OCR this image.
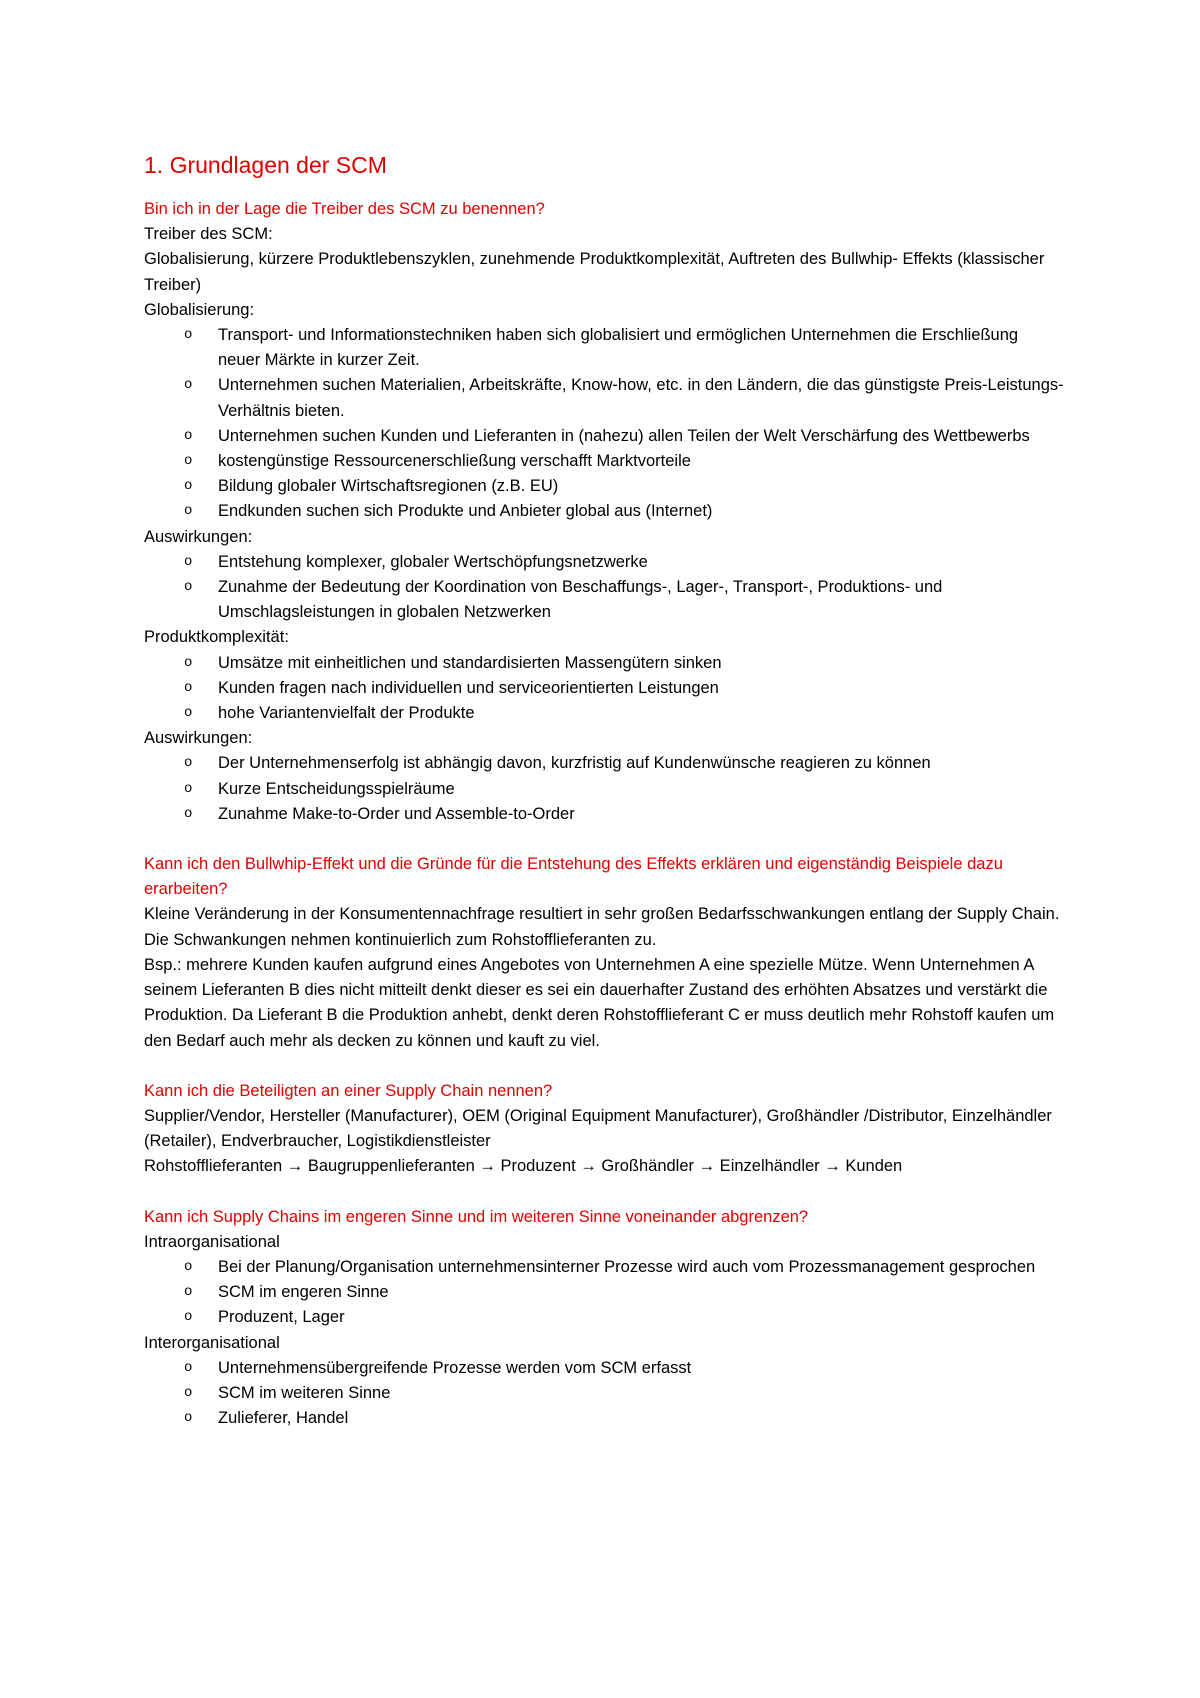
1. Grundlagen der SCM

Bin ich in der Lage die Treiber des SCM zu benennen?

Treiber des SCM:

Globalisierung, kürzere Produktlebenszyklen, zunehmende Produktkomplexität, Auftreten des Bullwhip- Effekts (klassischer Treiber)

Globalisierung:

o Transport- und Informationstechniken haben sich globalisiert und ermöglichen Unternehmen die Erschließung neuer Märkte in kurzer Zeit.
o Unternehmen suchen Materialien, Arbeitskräfte, Know-how, etc. in den Ländern, die das günstigste Preis-Leistungs-Verhältnis bieten.
o Unternehmen suchen Kunden und Lieferanten in (nahezu) allen Teilen der Welt Verschärfung des Wettbewerbs
o kostengünstige Ressourcenerschließung verschafft Marktvorteile
o Bildung globaler Wirtschaftsregionen (z.B. EU)
o Endkunden suchen sich Produkte und Anbieter global aus (Internet)

Auswirkungen:

o Entstehung komplexer, globaler Wertschöpfungsnetzwerke
o Zunahme der Bedeutung der Koordination von Beschaffungs-, Lager-, Transport-, Produktions- und Umschlagsleistungen in globalen Netzwerken

Produktkomplexität:

o Umsätze mit einheitlichen und standardisierten Massengütern sinken
o Kunden fragen nach individuellen und serviceorientierten Leistungen
o hohe Variantenvielfalt der Produkte

Auswirkungen:

o Der Unternehmenserfolg ist abhängig davon, kurzfristig auf Kundenwünsche reagieren zu können
o Kurze Entscheidungsspielräume
o Zunahme Make-to-Order und Assemble-to-Order

Kann ich den Bullwhip-Effekt und die Gründe für die Entstehung des Effekts erklären und eigenständig Beispiele dazu erarbeiten?

Kleine Veränderung in der Konsumentennachfrage resultiert in sehr großen Bedarfsschwankungen entlang der Supply Chain. Die Schwankungen nehmen kontinuierlich zum Rohstofflieferanten zu.

Bsp.: mehrere Kunden kaufen aufgrund eines Angebotes von Unternehmen A eine spezielle Mütze. Wenn Unternehmen A seinem Lieferanten B dies nicht mitteilt denkt dieser es sei ein dauerhafter Zustand des erhöhten Absatzes und verstärkt die Produktion. Da Lieferant B die Produktion anhebt, denkt deren Rohstofflieferant C er muss deutlich mehr Rohstoff kaufen um den Bedarf auch mehr als decken zu können und kauft zu viel.

Kann ich die Beteiligten an einer Supply Chain nennen?

Supplier/Vendor, Hersteller (Manufacturer), OEM (Original Equipment Manufacturer), Großhändler /Distributor, Einzelhändler (Retailer), Endverbraucher, Logistikdienstleister

Rohstofflieferanten → Baugruppenlieferanten → Produzent → Großhändler → Einzelhändler → Kunden

Kann ich Supply Chains im engeren Sinne und im weiteren Sinne voneinander abgrenzen?

Intraorganisational

o Bei der Planung/Organisation unternehmensinterner Prozesse wird auch vom Prozessmanagement gesprochen
o SCM im engeren Sinne
o Produzent, Lager

Interorganisational

o Unternehmensübergreifende Prozesse werden vom SCM erfasst
o SCM im weiteren Sinne
o Zulieferer, Handel
